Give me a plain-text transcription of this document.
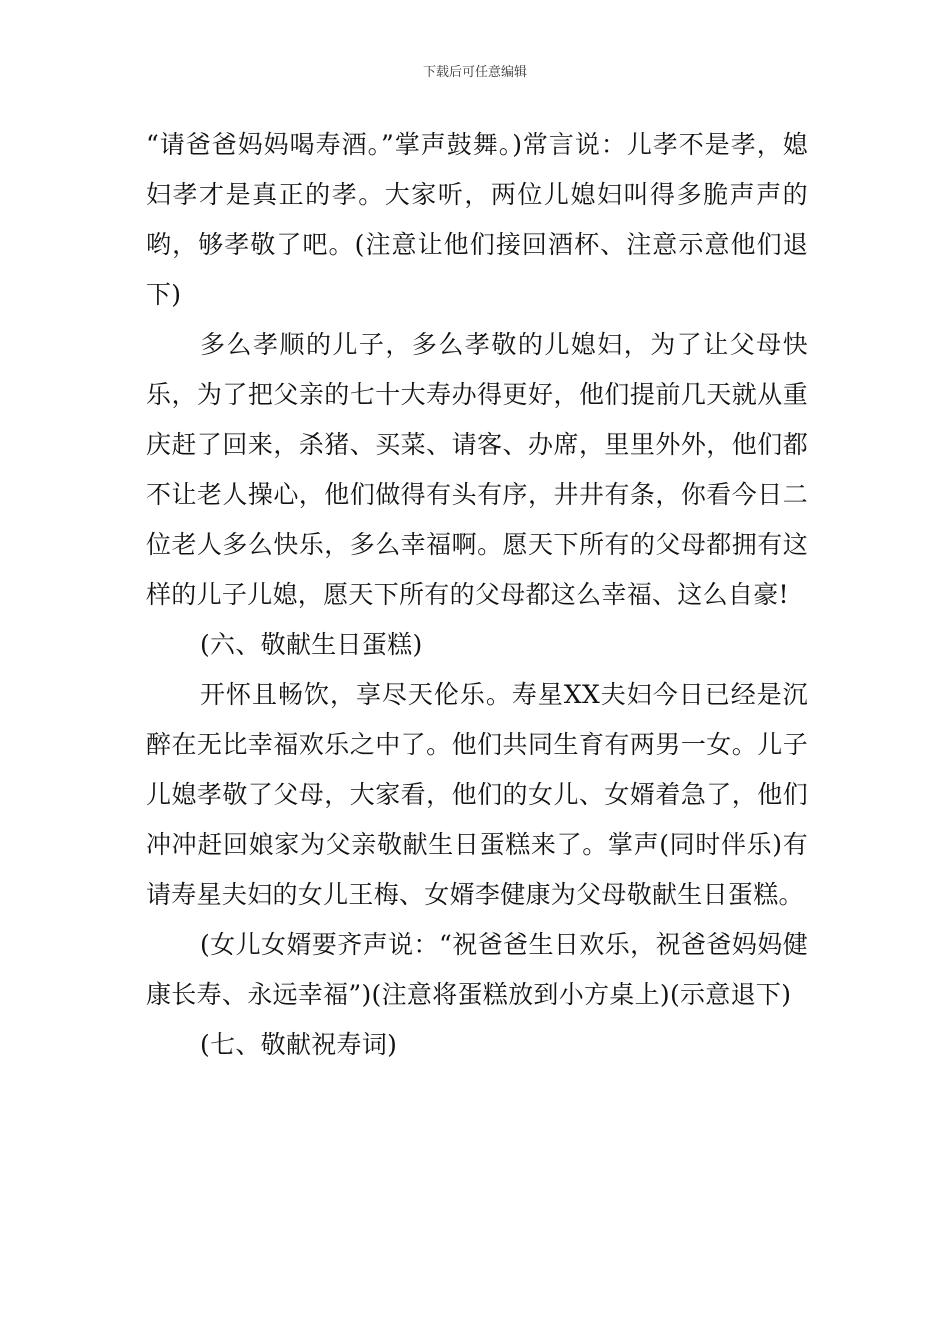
下载后可任意编辑

“请爸爸妈妈喝寿酒。”掌声鼓舞。)常言说：儿孝不是孝，媳妇孝才是真正的孝。大家听，两位儿媳妇叫得多脆声声的哟，够孝敬了吧。(注意让他们接回酒杯、注意示意他们退下)

多么孝顺的儿子，多么孝敬的儿媳妇，为了让父母快乐，为了把父亲的七十大寿办得更好，他们提前几天就从重庆赶了回来，杀猪、买菜、请客、办席，里里外外，他们都不让老人操心，他们做得有头有序，井井有条，你看今日二位老人多么快乐，多么幸福啊。愿天下所有的父母都拥有这样的儿子儿媳，愿天下所有的父母都这么幸福、这么自豪!

(六、敬献生日蛋糕)

开怀且畅饮，享尽天伦乐。寿星XX夫妇今日已经是沉醉在无比幸福欢乐之中了。他们共同生育有两男一女。儿子儿媳孝敬了父母，大家看，他们的女儿、女婿着急了，他们冲冲赶回娘家为父亲敬献生日蛋糕来了。掌声(同时伴乐)有请寿星夫妇的女儿王梅、女婿李健康为父母敬献生日蛋糕。

(女儿女婿要齐声说：“祝爸爸生日欢乐，祝爸爸妈妈健康长寿、永远幸福”)(注意将蛋糕放到小方桌上)(示意退下)

(七、敬献祝寿词)
